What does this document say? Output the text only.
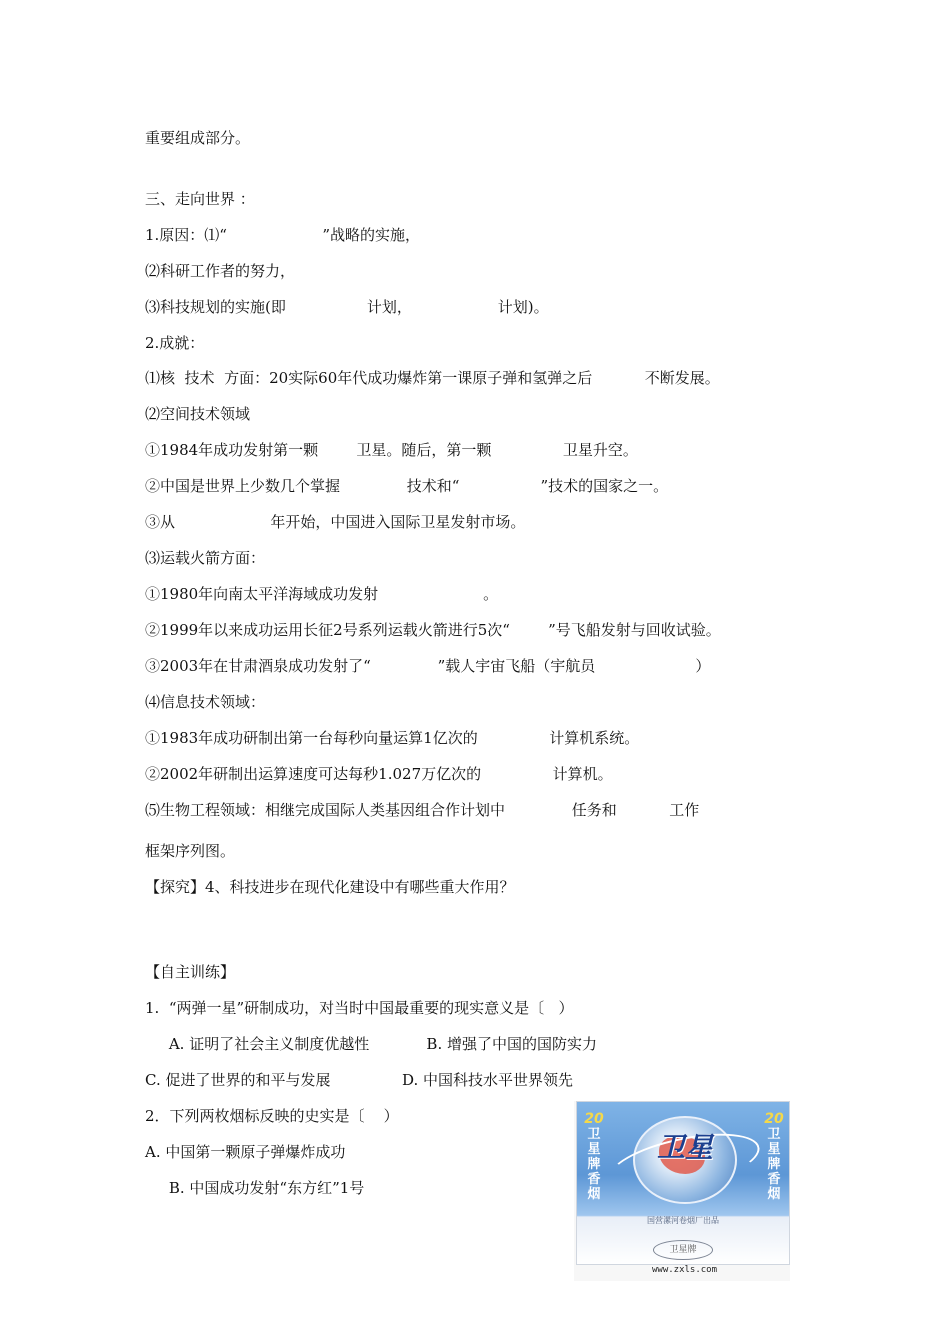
重要组成部分。
三、走向世界 ：
1.原因：⑴“                    ”战略的实施，
⑵科研工作者的努力，
⑶科技规划的实施(即                 计划，                  计划)。
2.成就：
⑴核  技术  方面：20实际60年代成功爆炸第一课原子弹和氢弹之后           不断发展。
⑵空间技术领域
①1984年成功发射第一颗        卫星。随后，第一颗               卫星升空。
②中国是世界上少数几个掌握              技术和“                 ”技术的国家之一。
③从                    年开始，中国进入国际卫星发射市场。
⑶运载火箭方面：
①1980年向南太平洋海域成功发射                      。
②1999年以来成功运用长征2号系列运载火箭进行5次“        ”号飞船发射与回收试验。
③2003年在甘肃酒泉成功发射了“              ”载人宇宙飞船（宇航员                     ）
⑷信息技术领域：
①1983年成功研制出第一台每秒向量运算1亿次的               计算机系统。
②2002年研制出运算速度可达每秒1.027万亿次的               计算机。
⑸生物工程领域：相继完成国际人类基因组合作计划中              任务和           工作
框架序列图。
【探究】4、科技进步在现代化建设中有哪些重大作用？
【自主训练】
1.  “两弹一星”研制成功，对当时中国最重要的现实意义是〔   ）
A. 证明了社会主义制度优越性            B. 增强了中国的国防实力
C. 促进了世界的和平与发展               D. 中国科技水平世界领先
2．下列两枚烟标反映的史实是〔    ）
A. 中国第一颗原子弹爆炸成功
B. 中国成功发射“东方红”1号
20
卫
星
牌
香
烟
20
卫
星
牌
香
烟
卫星
国营漯河卷烟厂出品
卫星牌
www.zxls.com
